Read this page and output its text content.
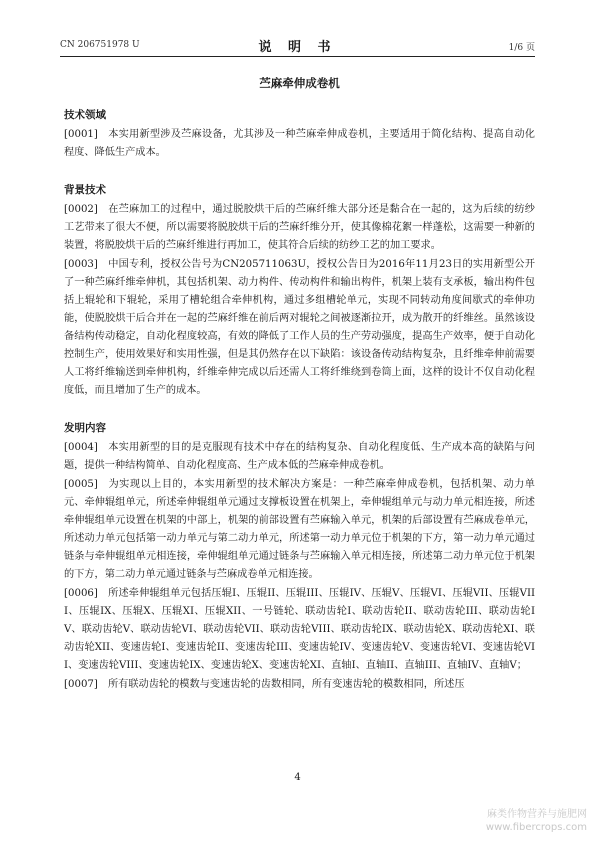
CN 206751978 U	说 明 书	1/6 页
苎麻牵伸成卷机
技术领域

[0001] 本实用新型涉及苎麻设备，尤其涉及一种苎麻牵伸成卷机，主要适用于简化结构、提高自动化程度、降低生产成本。

背景技术

[0002] 在苎麻加工的过程中，通过脱胶烘干后的苎麻纤维大部分还是黏合在一起的，这为后续的纺纱工艺带来了很大不便，所以需要将脱胶烘干后的苎麻纤维分开，使其像棉花絮一样蓬松，这需要一种新的装置，将脱胶烘干后的苎麻纤维进行再加工，使其符合后续的纺纱工艺的加工要求。

[0003] 中国专利，授权公告号为CN205711063U，授权公告日为2016年11月23日的实用新型公开了一种苎麻纤维牵伸机，其包括机架、动力构件、传动构件和输出构件，机架上装有支承板，输出构件包括上辊轮和下辊轮，采用了槽轮组合牵伸机构，通过多组槽轮单元，实现不同转动角度间歇式的牵伸功能，使脱胶烘干后合并在一起的苎麻纤维在前后两对辊轮之间被逐渐拉开，成为散开的纤维丝。虽然该设备结构传动稳定，自动化程度较高，有效的降低了工作人员的生产劳动强度，提高生产效率，便于自动化控制生产，使用效果好和实用性强，但是其仍然存在以下缺陷：该设备传动结构复杂，且纤维牵伸前需要人工将纤维输送到牵伸机构，纤维牵伸完成以后还需人工将纤维绕到卷筒上面，这样的设计不仅自动化程度低，而且增加了生产的成本。

发明内容

[0004] 本实用新型的目的是克服现有技术中存在的结构复杂、自动化程度低、生产成本高的缺陷与问题，提供一种结构简单、自动化程度高、生产成本低的苎麻牵伸成卷机。

[0005] 为实现以上目的，本实用新型的技术解决方案是：一种苎麻牵伸成卷机，包括机架、动力单元、牵伸辊组单元，所述牵伸辊组单元通过支撑板设置在机架上，牵伸辊组单元与动力单元相连接，所述牵伸辊组单元设置在机架的中部上，机架的前部设置有苎麻输入单元，机架的后部设置有苎麻成卷单元，所述动力单元包括第一动力单元与第二动力单元，所述第一动力单元位于机架的下方，第一动力单元通过链条与牵伸辊组单元相连接，牵伸辊组单元通过链条与苎麻输入单元相连接，所述第二动力单元位于机架的下方，第二动力单元通过链条与苎麻成卷单元相连接。

[0006] 所述牵伸辊组单元包括压辊I、压辊II、压辊III、压辊IV、压辊V、压辊VI、压辊VII、压辊VIII、压辊IX、压辊X、压辊XI、压辊XII、一号链轮、联动齿轮I、联动齿轮II、联动齿轮III、联动齿轮IV、联动齿轮V、联动齿轮VI、联动齿轮VII、联动齿轮VIII、联动齿轮IX、联动齿轮X、联动齿轮XI、联动齿轮XII、变速齿轮I、变速齿轮II、变速齿轮III、变速齿轮IV、变速齿轮V、变速齿轮VI、变速齿轮VII、变速齿轮VIII、变速齿轮IX、变速齿轮X、变速齿轮XI、直轴I、直轴II、直轴III、直轴IV、直轴V；

[0007] 所有联动齿轮的模数与变速齿轮的齿数相同，所有变速齿轮的模数相同，所述压

4
麻类作物营养与施肥网
www.fibercrops.com
